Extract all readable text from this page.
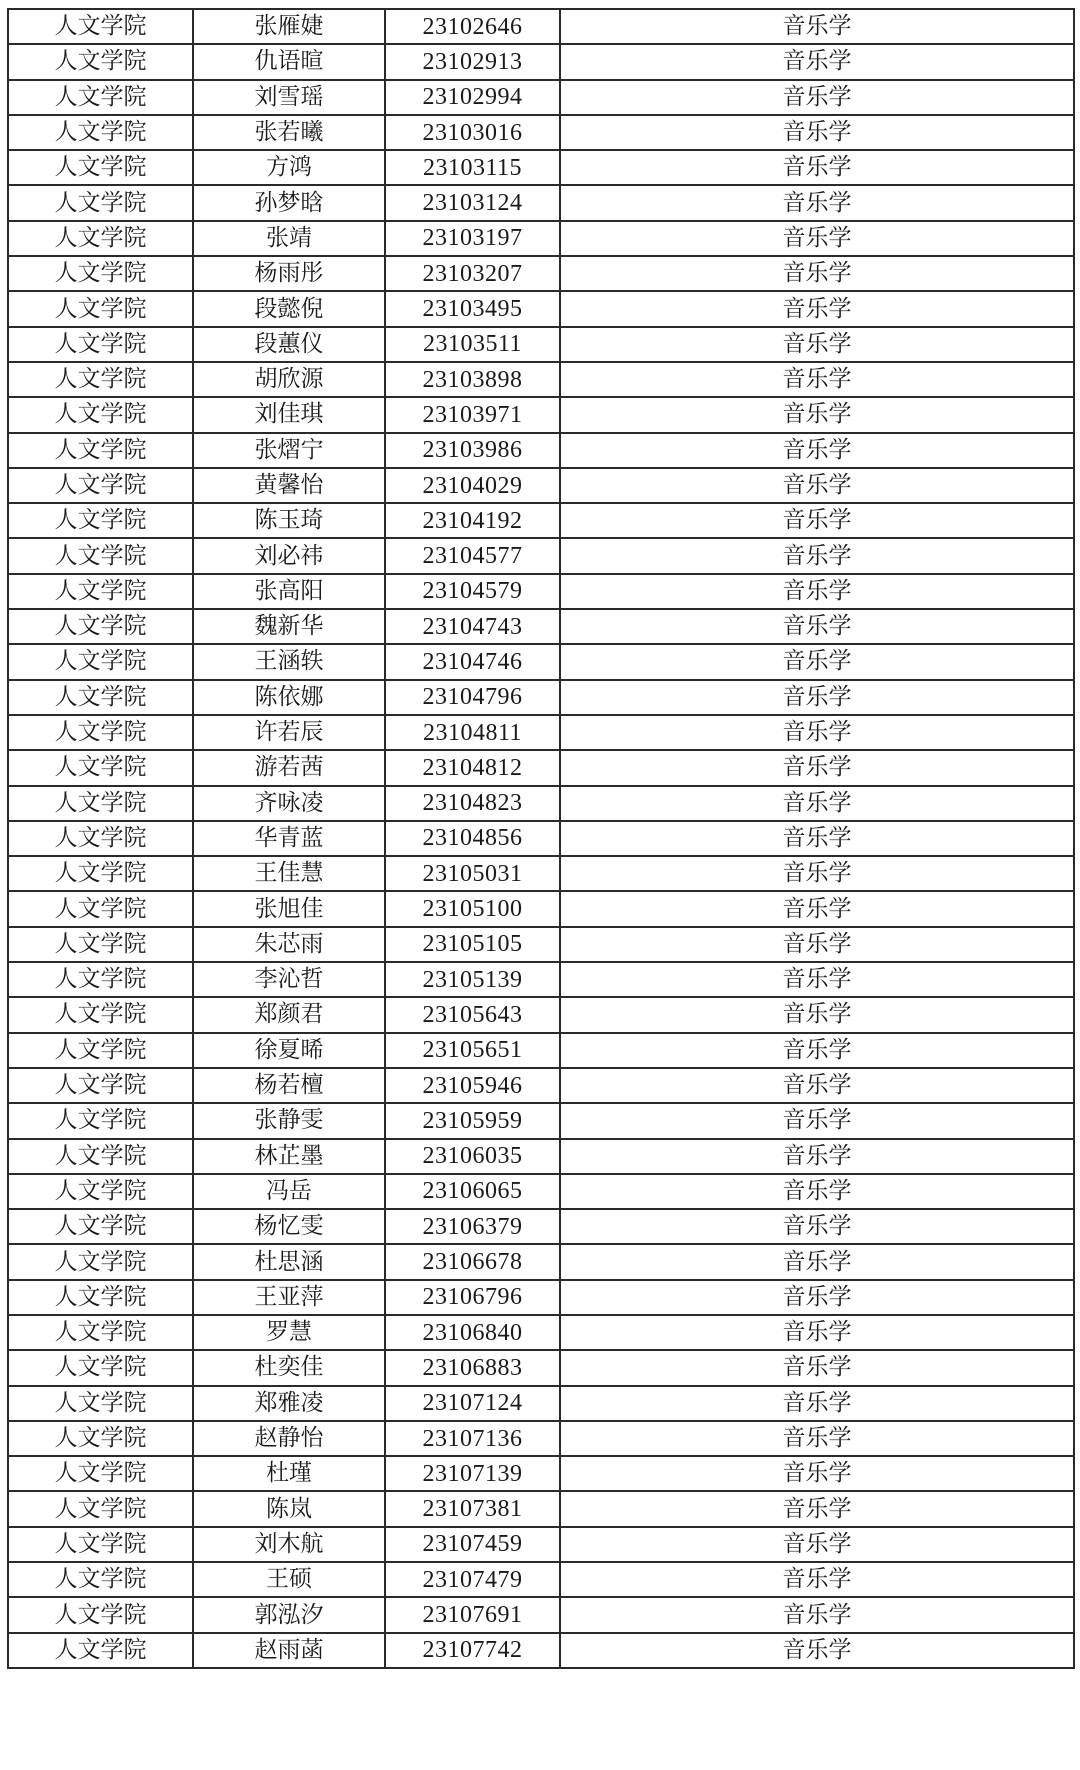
人文学院	张雁婕	23102646	音乐学
人文学院	仇语暄	23102913	音乐学
人文学院	刘雪瑶	23102994	音乐学
人文学院	张若曦	23103016	音乐学
人文学院	方鸿	23103115	音乐学
人文学院	孙梦晗	23103124	音乐学
人文学院	张靖	23103197	音乐学
人文学院	杨雨彤	23103207	音乐学
人文学院	段懿倪	23103495	音乐学
人文学院	段蕙仪	23103511	音乐学
人文学院	胡欣源	23103898	音乐学
人文学院	刘佳琪	23103971	音乐学
人文学院	张熠宁	23103986	音乐学
人文学院	黄馨怡	23104029	音乐学
人文学院	陈玉琦	23104192	音乐学
人文学院	刘必祎	23104577	音乐学
人文学院	张高阳	23104579	音乐学
人文学院	魏新华	23104743	音乐学
人文学院	王涵轶	23104746	音乐学
人文学院	陈依娜	23104796	音乐学
人文学院	许若辰	23104811	音乐学
人文学院	游若茜	23104812	音乐学
人文学院	齐咏凌	23104823	音乐学
人文学院	华青蓝	23104856	音乐学
人文学院	王佳慧	23105031	音乐学
人文学院	张旭佳	23105100	音乐学
人文学院	朱芯雨	23105105	音乐学
人文学院	李沁哲	23105139	音乐学
人文学院	郑颜君	23105643	音乐学
人文学院	徐夏晞	23105651	音乐学
人文学院	杨若檀	23105946	音乐学
人文学院	张静雯	23105959	音乐学
人文学院	林芷墨	23106035	音乐学
人文学院	冯岳	23106065	音乐学
人文学院	杨忆雯	23106379	音乐学
人文学院	杜思涵	23106678	音乐学
人文学院	王亚萍	23106796	音乐学
人文学院	罗慧	23106840	音乐学
人文学院	杜奕佳	23106883	音乐学
人文学院	郑雅凌	23107124	音乐学
人文学院	赵静怡	23107136	音乐学
人文学院	杜瑾	23107139	音乐学
人文学院	陈岚	23107381	音乐学
人文学院	刘木航	23107459	音乐学
人文学院	王硕	23107479	音乐学
人文学院	郭泓汐	23107691	音乐学
人文学院	赵雨菡	23107742	音乐学
